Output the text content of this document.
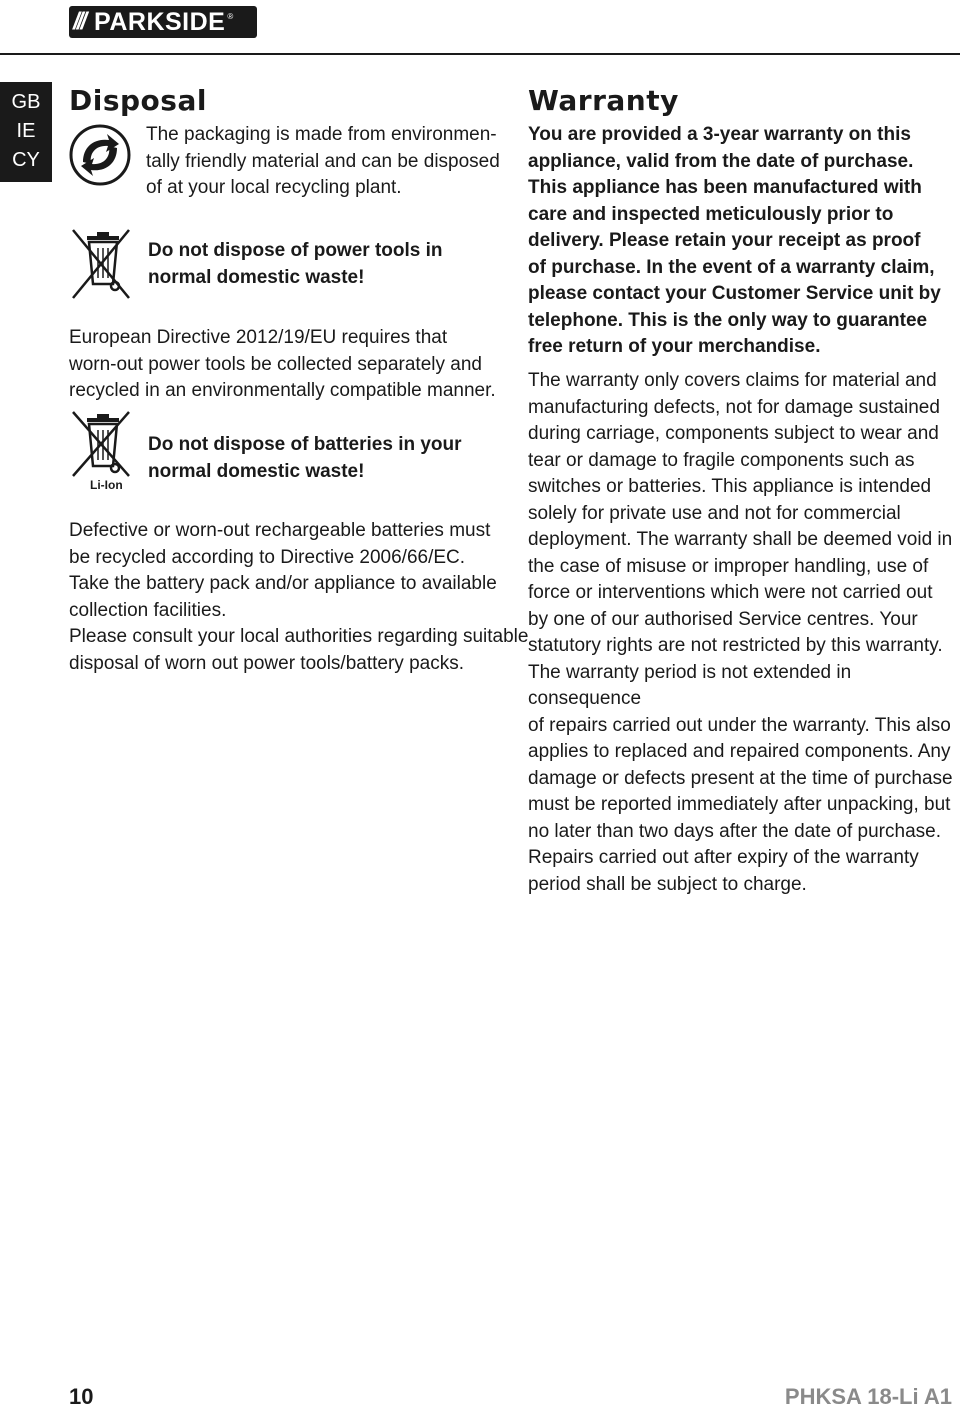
/// PARKSIDE ®
GB
IE
CY
Disposal
The packaging is made from environmen-
tally friendly material and can be disposed
of at your local recycling plant.
Do not dispose of power tools in
normal domestic waste!
European Directive 2012/19/EU requires that
worn-out power tools be collected separately and
recycled in an environmentally compatible manner.
Li-Ion
Do not dispose of batteries in your
normal domestic waste!
Defective or worn-out rechargeable batteries must
be recycled according to Directive 2006/66/EC.
Take the battery pack and/or appliance to available
collection facilities.
Please consult your local authorities regarding suitable
disposal of worn out power tools/battery packs.
Warranty
You are provided a 3-year warranty on this
appliance, valid from the date of purchase.
This appliance has been manufactured with
care and inspected meticulously prior to
delivery. Please retain your receipt as proof
of purchase. In the event of a warranty claim,
please contact your Customer Service unit by
telephone. This is the only way to guarantee
free return of your merchandise.
The warranty only covers claims for material and
manufacturing defects, not for damage sustained
during carriage, components subject to wear and
tear or damage to fragile components such as
switches or batteries. This appliance is intended
solely for private use and not for commercial
deployment. The warranty shall be deemed void in
the case of misuse or improper handling, use of
force or interventions which were not carried out
by one of our authorised Service centres. Your
statutory rights are not restricted by this warranty.
The warranty period is not extended in consequence
of repairs carried out under the warranty. This also
applies to replaced and repaired components. Any
damage or defects present at the time of purchase
must be reported immediately after unpacking, but
no later than two days after the date of purchase.
Repairs carried out after expiry of the warranty
period shall be subject to charge.
10	PHKSA 18-Li A1
